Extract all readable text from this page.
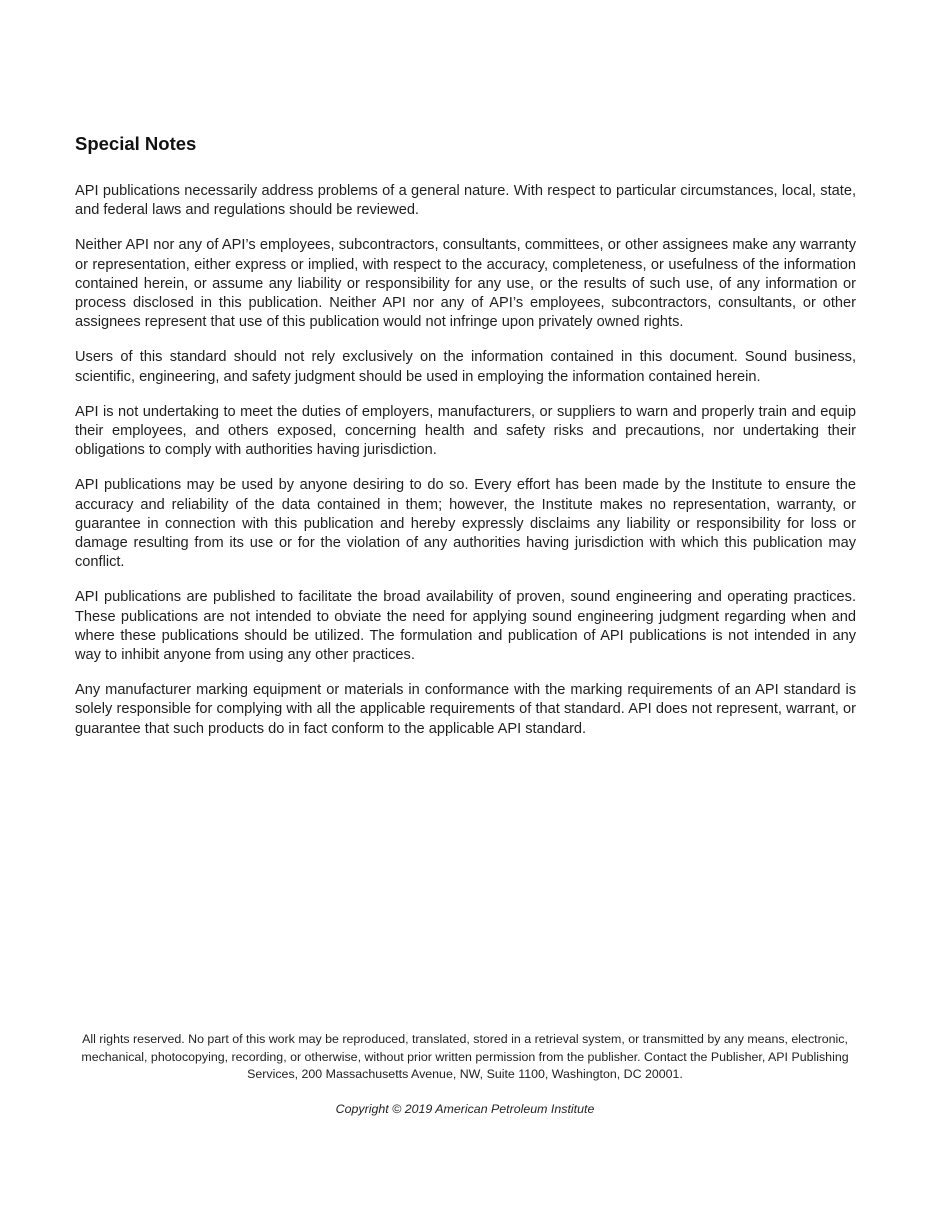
Special Notes

API publications necessarily address problems of a general nature. With respect to particular circumstances, local, state, and federal laws and regulations should be reviewed.

Neither API nor any of API’s employees, subcontractors, consultants, committees, or other assignees make any warranty or representation, either express or implied, with respect to the accuracy, completeness, or usefulness of the information contained herein, or assume any liability or responsibility for any use, or the results of such use, of any information or process disclosed in this publication. Neither API nor any of API’s employees, subcontractors, consultants, or other assignees represent that use of this publication would not infringe upon privately owned rights.

Users of this standard should not rely exclusively on the information contained in this document. Sound business, scientific, engineering, and safety judgment should be used in employing the information contained herein.

API is not undertaking to meet the duties of employers, manufacturers, or suppliers to warn and properly train and equip their employees, and others exposed, concerning health and safety risks and precautions, nor undertaking their obligations to comply with authorities having jurisdiction.

API publications may be used by anyone desiring to do so. Every effort has been made by the Institute to ensure the accuracy and reliability of the data contained in them; however, the Institute makes no representation, warranty, or guarantee in connection with this publication and hereby expressly disclaims any liability or responsibility for loss or damage resulting from its use or for the violation of any authorities having jurisdiction with which this publication may conflict.

API publications are published to facilitate the broad availability of proven, sound engineering and operating practices. These publications are not intended to obviate the need for applying sound engineering judgment regarding when and where these publications should be utilized. The formulation and publication of API publications is not intended in any way to inhibit anyone from using any other practices.

Any manufacturer marking equipment or materials in conformance with the marking requirements of an API standard is solely responsible for complying with all the applicable requirements of that standard. API does not represent, warrant, or guarantee that such products do in fact conform to the applicable API standard.

All rights reserved. No part of this work may be reproduced, translated, stored in a retrieval system, or transmitted by any means, electronic, mechanical, photocopying, recording, or otherwise, without prior written permission from the publisher. Contact the Publisher, API Publishing Services, 200 Massachusetts Avenue, NW, Suite 1100, Washington, DC 20001.

Copyright © 2019 American Petroleum Institute
